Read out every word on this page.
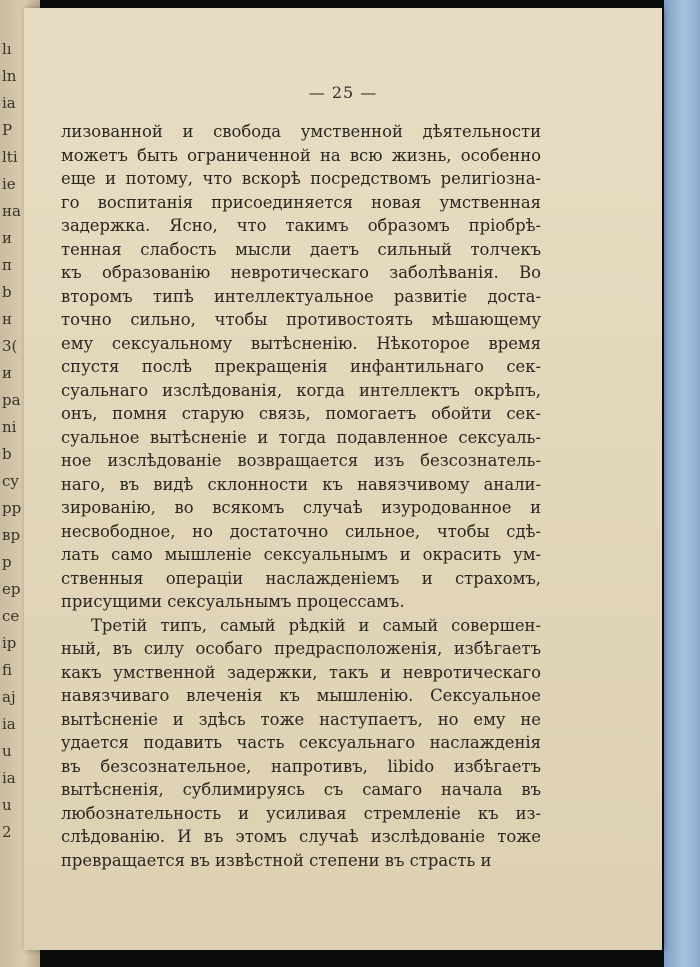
lı
ln
ia
P
lti
ie
на
и
п
b
н
3(
и
ра
ni
b
cy
рр
вр
p
ер
ce
ip
fi
aj
ia
u
ia
u
2
— 25 —
лизованной и свобода умственной дѣятельности
можетъ быть ограниченной на всю жизнь, особенно
еще и потому, что вскорѣ посредствомъ религіозна-
го воспитанія присоединяется новая умственная
задержка. Ясно, что такимъ образомъ пріобрѣ-
тенная слабость мысли даетъ сильный толчекъ
къ образованію невротическаго заболѣванія. Во
второмъ типѣ интеллектуальное развитіе доста-
точно сильно, чтобы противостоять мѣшающему
ему сексуальному вытѣсненію. Нѣкоторое время
спустя послѣ прекращенія инфантильнаго сек-
суальнаго изслѣдованія, когда интеллектъ окрѣпъ,
онъ, помня старую связь, помогаетъ обойти сек-
суальное вытѣсненіе и тогда подавленное сексуаль-
ное изслѣдованіе возвращается изъ безсознатель-
наго, въ видѣ склонности къ навязчивому анали-
зированію, во всякомъ случаѣ изуродованное и
несвободное, но достаточно сильное, чтобы сдѣ-
лать само мышленіе сексуальнымъ и окрасить ум-
ственныя операціи наслажденіемъ и страхомъ,
присущими сексуальнымъ процессамъ.
Третій типъ, самый рѣдкій и самый совершен-
ный, въ силу особаго предрасположенія, избѣгаетъ
какъ умственной задержки, такъ и невротическаго
навязчиваго влеченія къ мышленію. Сексуальное
вытѣсненіе и здѣсь тоже наступаетъ, но ему не
удается подавить часть сексуальнаго наслажденія
въ безсознательное, напротивъ, libido избѣгаетъ
вытѣсненія, сублимируясь съ самаго начала въ
любознательность и усиливая стремленіе къ из-
слѣдованію. И въ этомъ случаѣ изслѣдованіе тоже
превращается въ извѣстной степени въ страсть и
